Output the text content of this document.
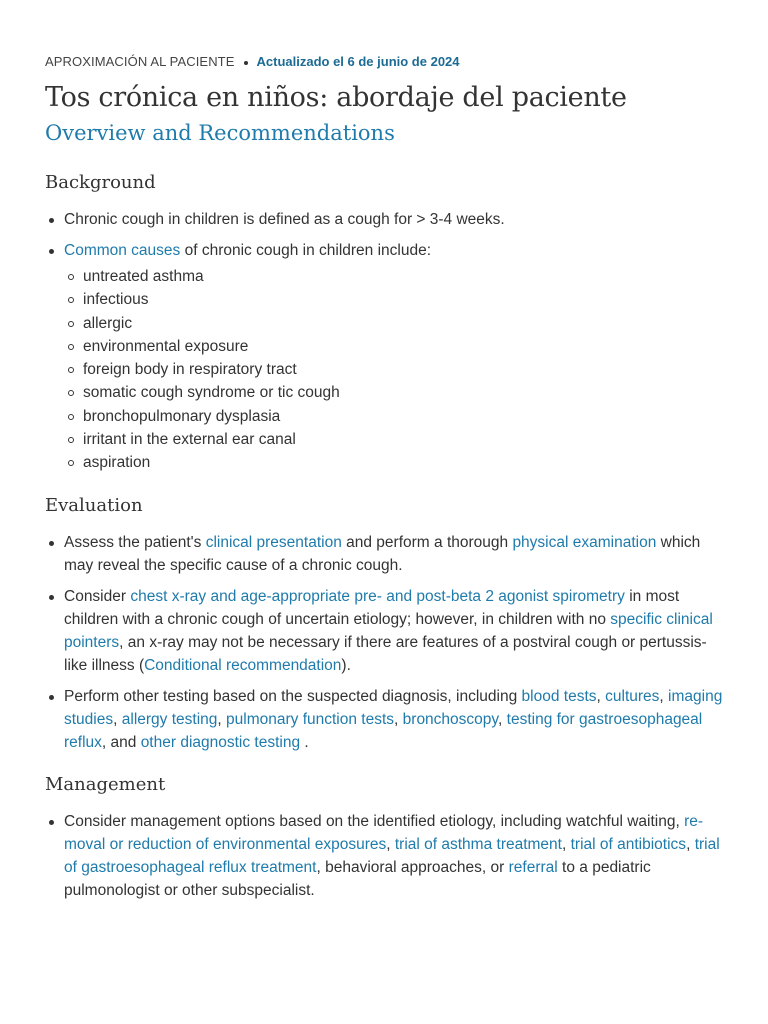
APROXIMACIÓN AL PACIENTE Actualizado el 6 de junio de 2024
Tos crónica en niños: abordaje del paciente
Overview and Recommendations
Background
Chronic cough in children is defined as a cough for > 3-4 weeks.
Common causes of chronic cough in children include:
untreated asthma
infectious
allergic
environmental exposure
foreign body in respiratory tract
somatic cough syndrome or tic cough
bronchopulmonary dysplasia
irritant in the external ear canal
aspiration
Evaluation
Assess the patient's clinical presentation and perform a thorough physical examination which may reveal the specific cause of a chronic cough.
Consider chest x-ray and age-appropriate pre- and post-beta 2 agonist spirometry in most children with a chronic cough of uncertain etiology; however, in children with no specific clinical pointers, an x-ray may not be necessary if there are features of a postviral cough or pertussis-like illness (Conditional recommendation).
Perform other testing based on the suspected diagnosis, including blood tests, cultures, imaging studies, allergy testing, pulmonary function tests, bronchoscopy, testing for gastroesophageal reflux, and other diagnostic testing .
Management
Consider management options based on the identified etiology, including watchful waiting, removal or reduction of environmental exposures, trial of asthma treatment, trial of antibiotics, trial of gastroesophageal reflux treatment, behavioral approaches, or referral to a pediatric pulmonologist or other subspecialist.
